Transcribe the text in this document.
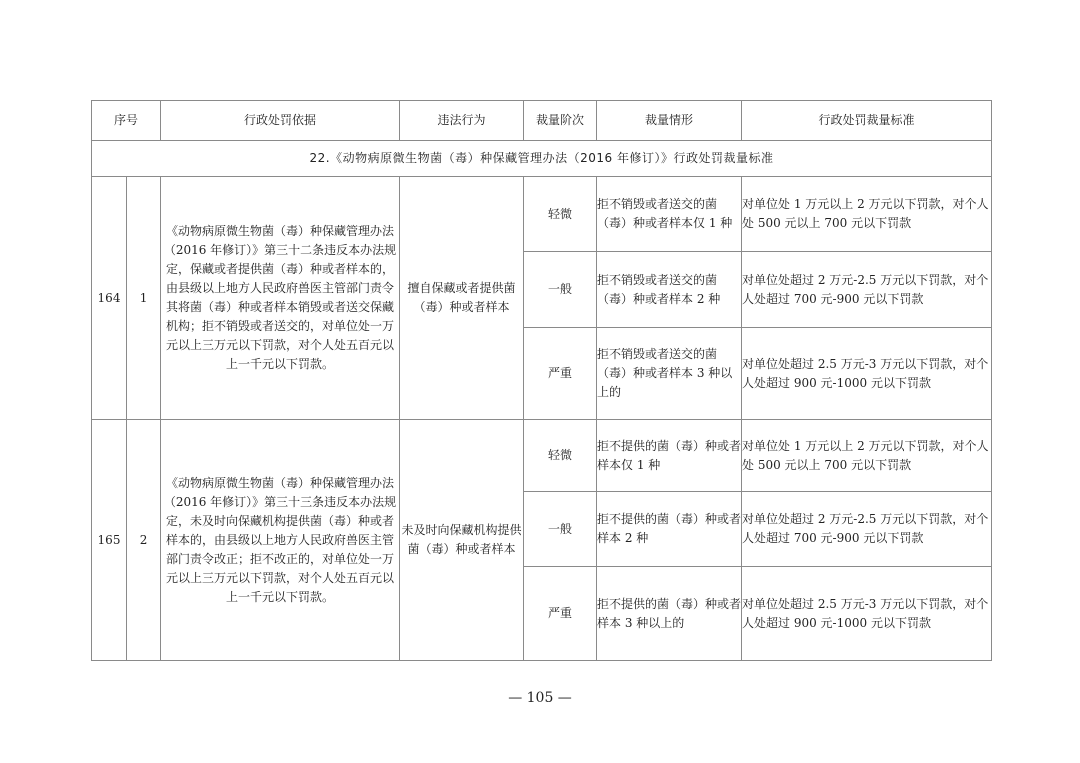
序号		行政处罚依据	违法行为	裁量阶次	裁量情形	行政处罚裁量标准
22.《动物病原微生物菌（毒）种保藏管理办法（2016 年修订）》行政处罚裁量标准						
164	1	《动物病原微生物菌（毒）种保藏管理办法（2016 年修订）》第三十二条违反本办法规定，保藏或者提供菌（毒）种或者样本的，由县级以上地方人民政府兽医主管部门责令其将菌（毒）种或者样本销毁或者送交保藏机构；拒不销毁或者送交的，对单位处一万元以上三万元以下罚款，对个人处五百元以上一千元以下罚款。	擅自保藏或者提供菌（毒）种或者样本	轻微	拒不销毁或者送交的菌（毒）种或者样本仅 1 种	对单位处 1 万元以上 2 万元以下罚款，对个人处 500 元以上 700 元以下罚款
				一般	拒不销毁或者送交的菌（毒）种或者样本 2 种	对单位处超过 2 万元-2.5 万元以下罚款，对个人处超过 700 元-900 元以下罚款
				严重	拒不销毁或者送交的菌（毒）种或者样本 3 种以上的	对单位处超过 2.5 万元-3 万元以下罚款，对个人处超过 900 元-1000 元以下罚款
165	2	《动物病原微生物菌（毒）种保藏管理办法（2016 年修订）》第三十三条违反本办法规定，未及时向保藏机构提供菌（毒）种或者样本的，由县级以上地方人民政府兽医主管部门责令改正；拒不改正的，对单位处一万元以上三万元以下罚款，对个人处五百元以上一千元以下罚款。	未及时向保藏机构提供菌（毒）种或者样本	轻微	拒不提供的菌（毒）种或者样本仅 1 种	对单位处 1 万元以上 2 万元以下罚款，对个人处 500 元以上 700 元以下罚款
				一般	拒不提供的菌（毒）种或者样本 2 种	对单位处超过 2 万元-2.5 万元以下罚款，对个人处超过 700 元-900 元以下罚款
				严重	拒不提供的菌（毒）种或者样本 3 种以上的	对单位处超过 2.5 万元-3 万元以下罚款，对个人处超过 900 元-1000 元以下罚款
— 105 —
